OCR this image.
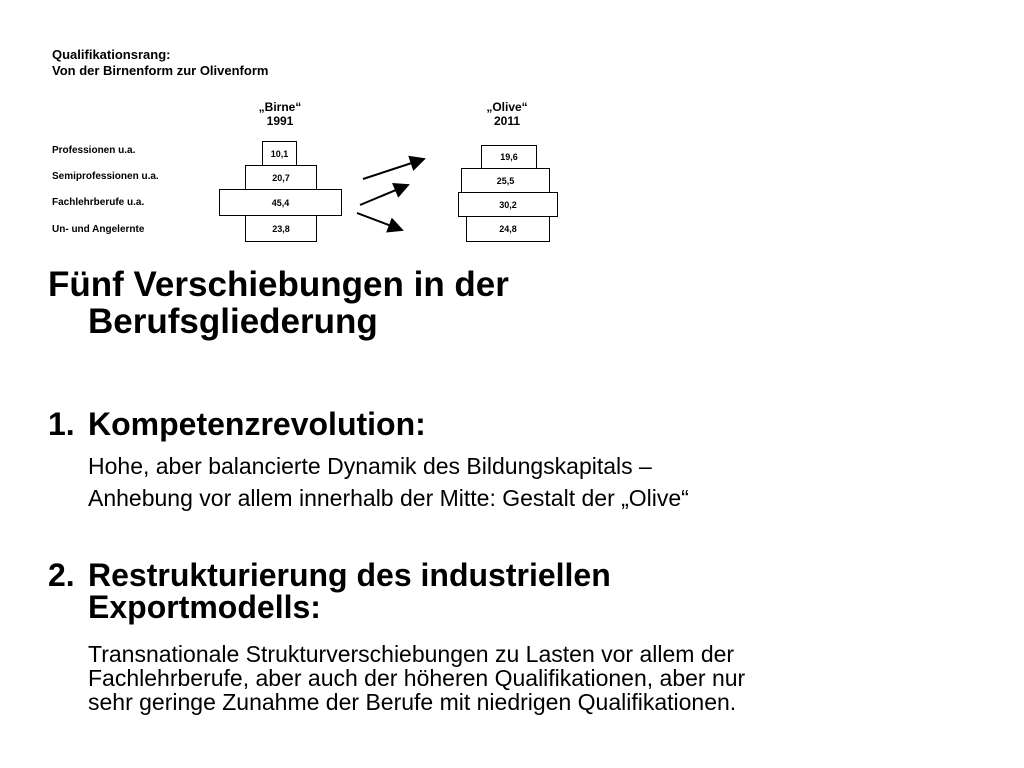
Qualifikationsrang:
Von der Birnenform zur Olivenform
„Birne“
1991
„Olive“
2011
Professionen u.a.
Semiprofessionen u.a.
Fachlehrberufe u.a.
Un- und Angelernte
10,1
20,7
45,4
23,8
19,6
25,5
30,2
24,8
Fünf Verschiebungen in der
Berufsgliederung
1. Kompetenzrevolution:
Hohe, aber balancierte Dynamik des Bildungskapitals –
Anhebung vor allem innerhalb der Mitte: Gestalt der „Olive“
2. Restrukturierung des industriellen
Exportmodells:
Transnationale Strukturverschiebungen zu Lasten vor allem der
Fachlehrberufe, aber auch der höheren Qualifikationen, aber nur
sehr geringe Zunahme der Berufe mit niedrigen Qualifikationen.
